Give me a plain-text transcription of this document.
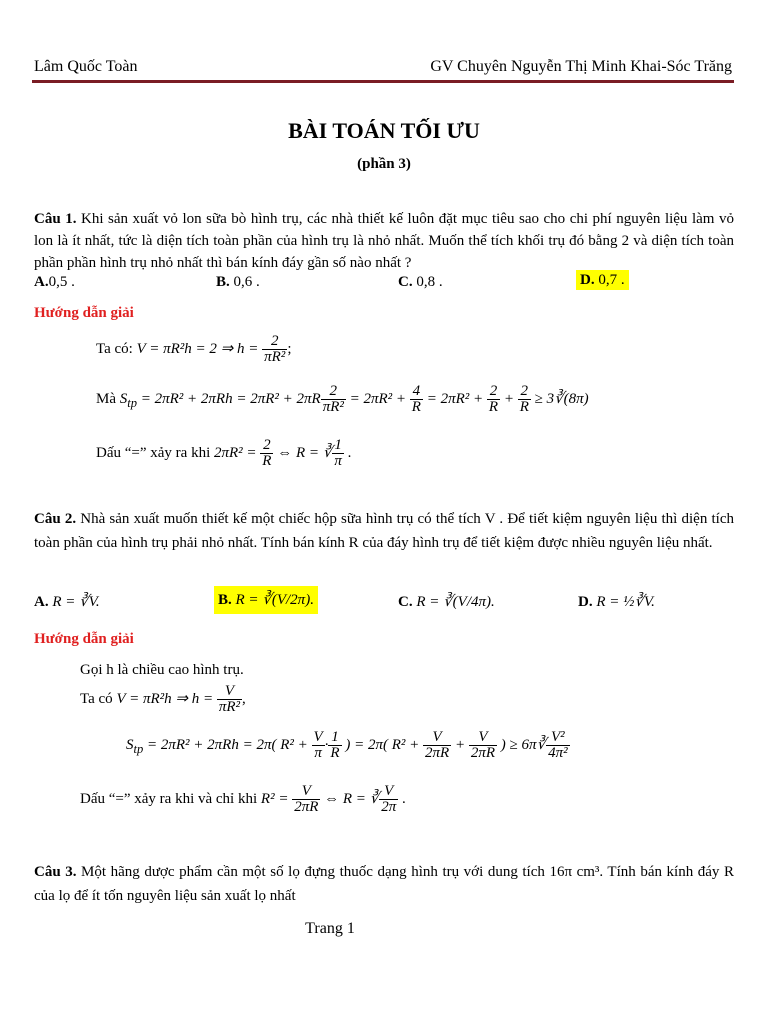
Lâm Quốc Toàn	GV Chuyên Nguyễn Thị Minh Khai-Sóc Trăng
BÀI TOÁN TỐI ƯU
(phần 3)
Câu 1. Khi sản xuất vỏ lon sữa bò hình trụ, các nhà thiết kế luôn đặt mục tiêu sao cho chi phí nguyên liệu làm vỏ lon là ít nhất, tức là diện tích toàn phần của hình trụ là nhỏ nhất. Muốn thể tích khối trụ đó bằng 2 và diện tích toàn phần phần hình trụ nhỏ nhất thì bán kính đáy gần số nào nhất ?
A.0,5 .	B. 0,6 .	C. 0,8 .	D. 0,7 .
Hướng dẫn giải
Ta có: V = πR²h = 2 ⇒ $h = \frac{2}{\text{πR²}}$ ;
Mà $S_{tp} = 2\pi R^2 + 2\pi Rh = 2\pi R^2 + 2\pi R \frac{2}{\text{πR²}} = 2\pi R^2 + \frac{4}{R} = 2\pi R^2 + \frac{2}{R} + \frac{2}{R}$ ≥ 3∛(8π)
Dấu “=” xảy ra khi $2\pi R^2 = \frac{2}{R}$ ⇔ R = ∛ $\frac{1}{\pi}$ .
Câu 2. Nhà sản xuất muốn thiết kế một chiếc hộp sữa hình trụ có thể tích V . Để tiết kiệm nguyên liệu thì diện tích toàn phần của hình trụ phải nhỏ nhất. Tính bán kính R của đáy hình trụ để tiết kiệm được nhiều nguyên liệu nhất.
A. R = ∛V.	B. R = ∛(V/2π).	C. R = ∛(V/4π).	D. R = ½∛V.
Hướng dẫn giải
Gọi h là chiều cao hình trụ.
Ta có V = πR²h ⇒ $h = \frac{V}{\text{πR²}}$ ,
$S_{tp} = 2\pi R^2 + 2\pi Rh = 2\pi$( $R^2 + \frac{V}{\pi} \cdot \frac{1}{R}$ ) = 2π( $R^2 + \frac{V}{2\pi R} + \frac{V}{2\pi R}$ ) ≥ 6π∛ $\frac{\text{V²}}{\text{4π²}}$
Dấu “=” xảy ra khi và chỉ khi $R^2 = \frac{V}{2\pi R}$ ⇔ R = ∛ $\frac{V}{2\pi}$ .
Câu 3. Một hãng dược phẩm cần một số lọ đựng thuốc dạng hình trụ với dung tích 16π cm³. Tính bán kính đáy R của lọ để ít tốn nguyên liệu sản xuất lọ nhất
Trang 1
